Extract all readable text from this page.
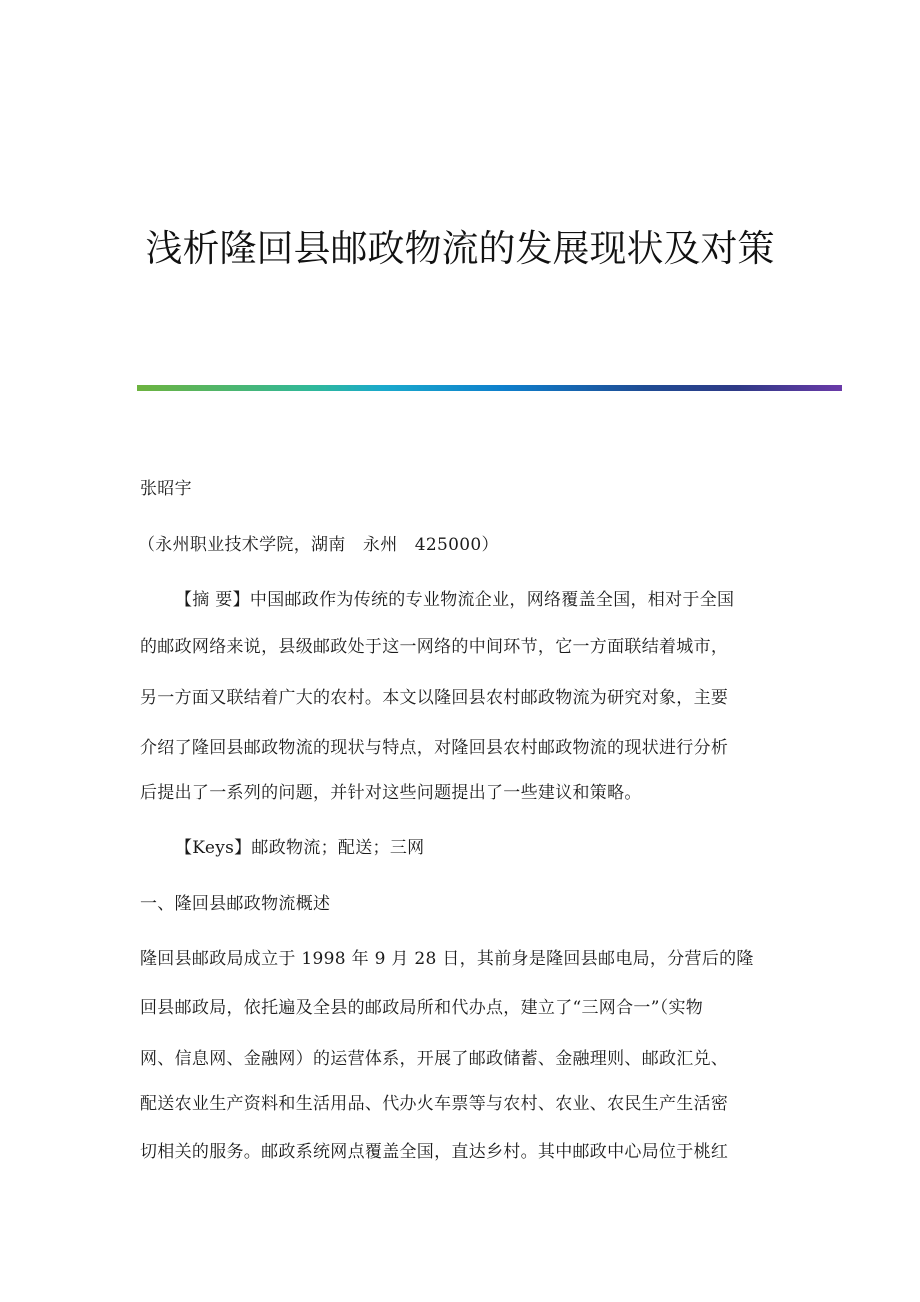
浅析隆回县邮政物流的发展现状及对策
张昭宇
（永州职业技术学院，湖南　永州　425000）
【摘 要】中国邮政作为传统的专业物流企业，网络覆盖全国，相对于全国
的邮政网络来说，县级邮政处于这一网络的中间环节，它一方面联结着城市，
另一方面又联结着广大的农村。本文以隆回县农村邮政物流为研究对象，主要
介绍了隆回县邮政物流的现状与特点，对隆回县农村邮政物流的现状进行分析
后提出了一系列的问题，并针对这些问题提出了一些建议和策略。
【Keys】邮政物流；配送；三网
一、隆回县邮政物流概述
隆回县邮政局成立于 1998 年 9 月 28 日，其前身是隆回县邮电局，分营后的隆
回县邮政局，依托遍及全县的邮政局所和代办点，建立了“三网合一”（实物
网、信息网、金融网）的运营体系，开展了邮政储蓄、金融理则、邮政汇兑、
配送农业生产资料和生活用品、代办火车票等与农村、农业、农民生产生活密
切相关的服务。邮政系统网点覆盖全国，直达乡村。其中邮政中心局位于桃红
